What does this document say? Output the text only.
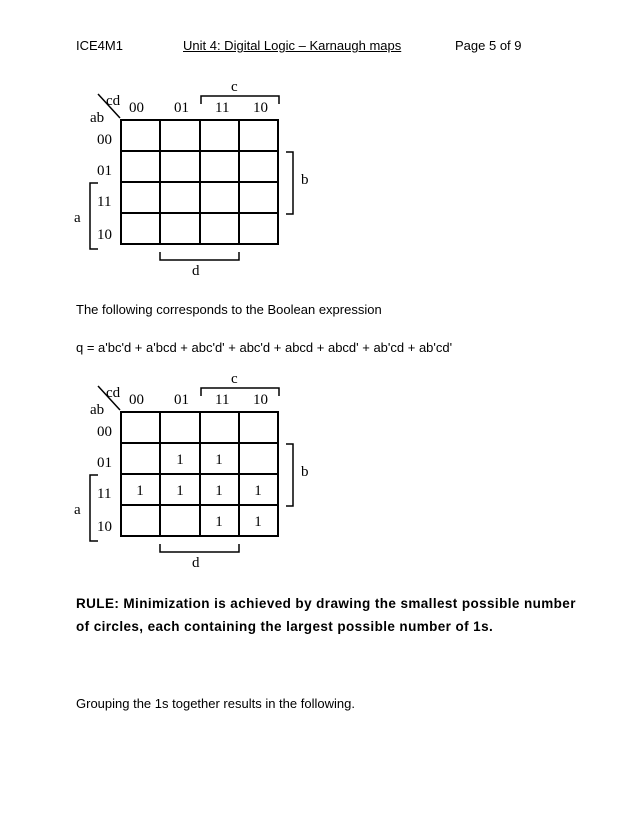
ICE4M1	Unit 4: Digital Logic – Karnaugh maps	Page 5 of 9
cd
ab
00 01 11 10
c
00
01
11
10
a
b
d
The following corresponds to the Boolean expression
q = a'bc'd + a'bcd + abc'd' + abc'd + abcd + abcd' + ab'cd + ab'cd'
cd
ab
00 01 11 10
c
00
01
11
10
a
b
d
1 1
1 1 1 1
1 1
RULE: Minimization is achieved by drawing the smallest possible number
of circles, each containing the largest possible number of 1s.
Grouping the 1s together results in the following.
